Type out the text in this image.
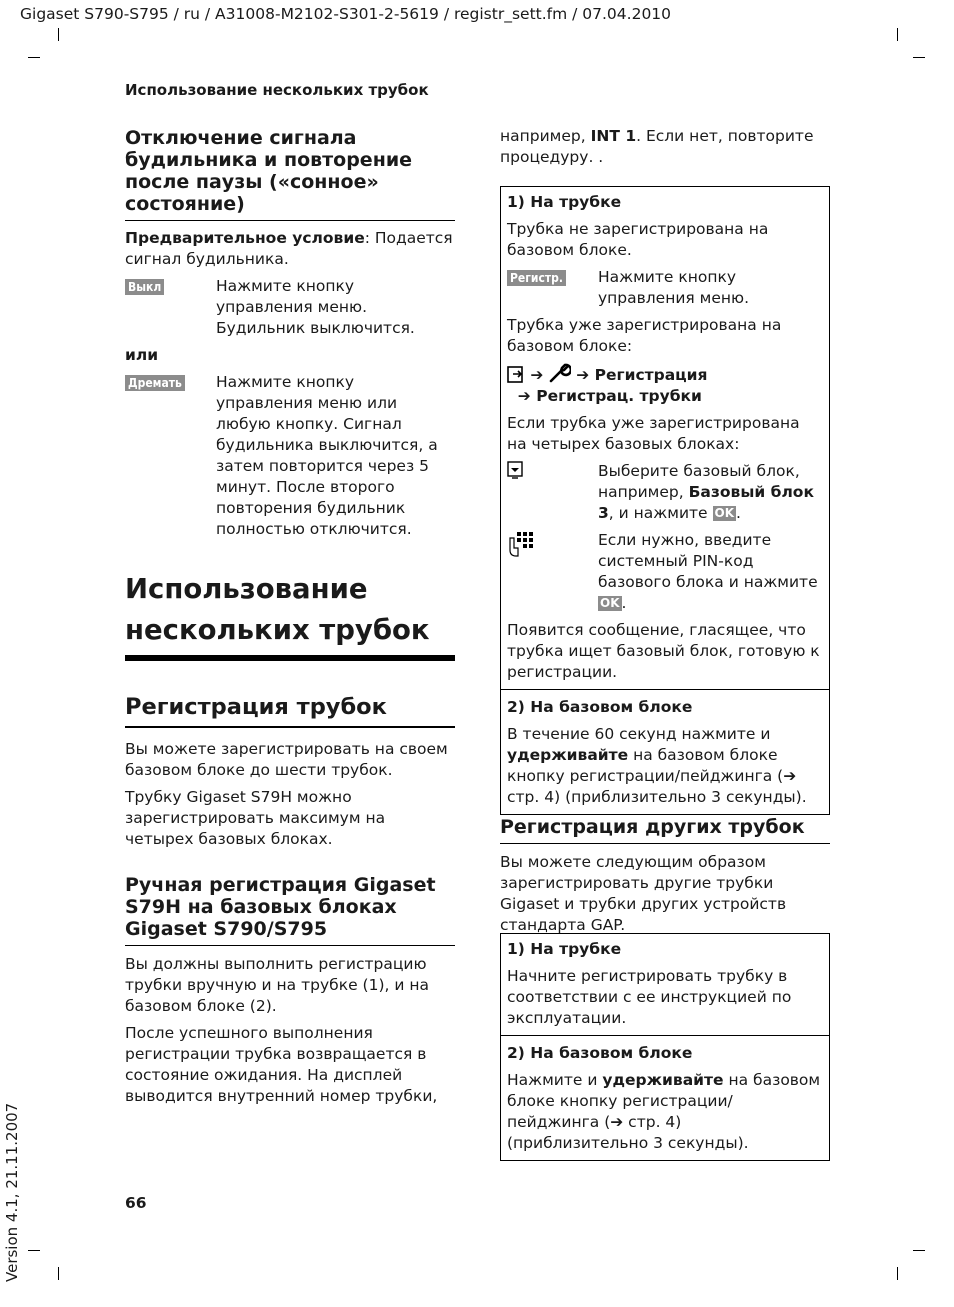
Gigaset S790-S795 / ru / A31008-M2102-S301-2-5619 / registr_sett.fm / 07.04.2010
Использование нескольких трубок
Отключение сигнала будильника и повторение после паузы («сонное» состояние)

Предварительное условие: Подается сигнал будильника.

Выкл	Нажмите кнопку управления меню. Будильник выключится.

или

Дремать	Нажмите кнопку управления меню или любую кнопку. Сигнал будильника выключится, а затем повторится через 5 минут. После второго повторения будильник полностью отключится.
Использование нескольких трубок
Регистрация трубок

Вы можете зарегистрировать на своем базовом блоке до шести трубок.

Трубку Gigaset S79H можно зарегистрировать максимум на четырех базовых блоках.

Ручная регистрация Gigaset S79H на базовых блоках Gigaset S790/S795

Вы должны выполнить регистрацию трубки вручную и на трубке (1), и на базовом блоке (2).

После успешного выполнения регистрации трубка возвращается в состояние ожидания. На дисплей выводится внутренний номер трубки,

например, INT 1. Если нет, повторите процедуру. .

1) На трубке

Трубка не зарегистрирована на базовом блоке.

Регистр.	Нажмите кнопку управления меню.

Трубка уже зарегистрирована на базовом блоке:

➔ ➔ Регистрация
➔ Регистрац. трубки

Если трубка уже зарегистрирована на четырех базовых блоках:

Выберите базовый блок, например, Базовый блок 3, и нажмите OK .
Если нужно, введите системный PIN-код базового блока и нажмите OK .

Появится сообщение, гласящее, что трубка ищет базовый блок, готовую к регистрации.

2) На базовом блоке

В течение 60 секунд нажмите и удерживайте на базовом блоке кнопку регистрации/пейджинга (➔ стр. 4) (приблизительно 3 секунды).

Регистрация других трубок

Вы можете следующим образом зарегистрировать другие трубки Gigaset и трубки других устройств стандарта GAP.

1) На трубке

Начните регистрировать трубку в соответствии с ее инструкцией по эксплуатации.

2) На базовом блоке

Нажмите и удерживайте на базовом блоке кнопку регистрации/пейджинга (➔ стр. 4) (приблизительно 3 секунды).

66
Version 4.1, 21.11.2007
